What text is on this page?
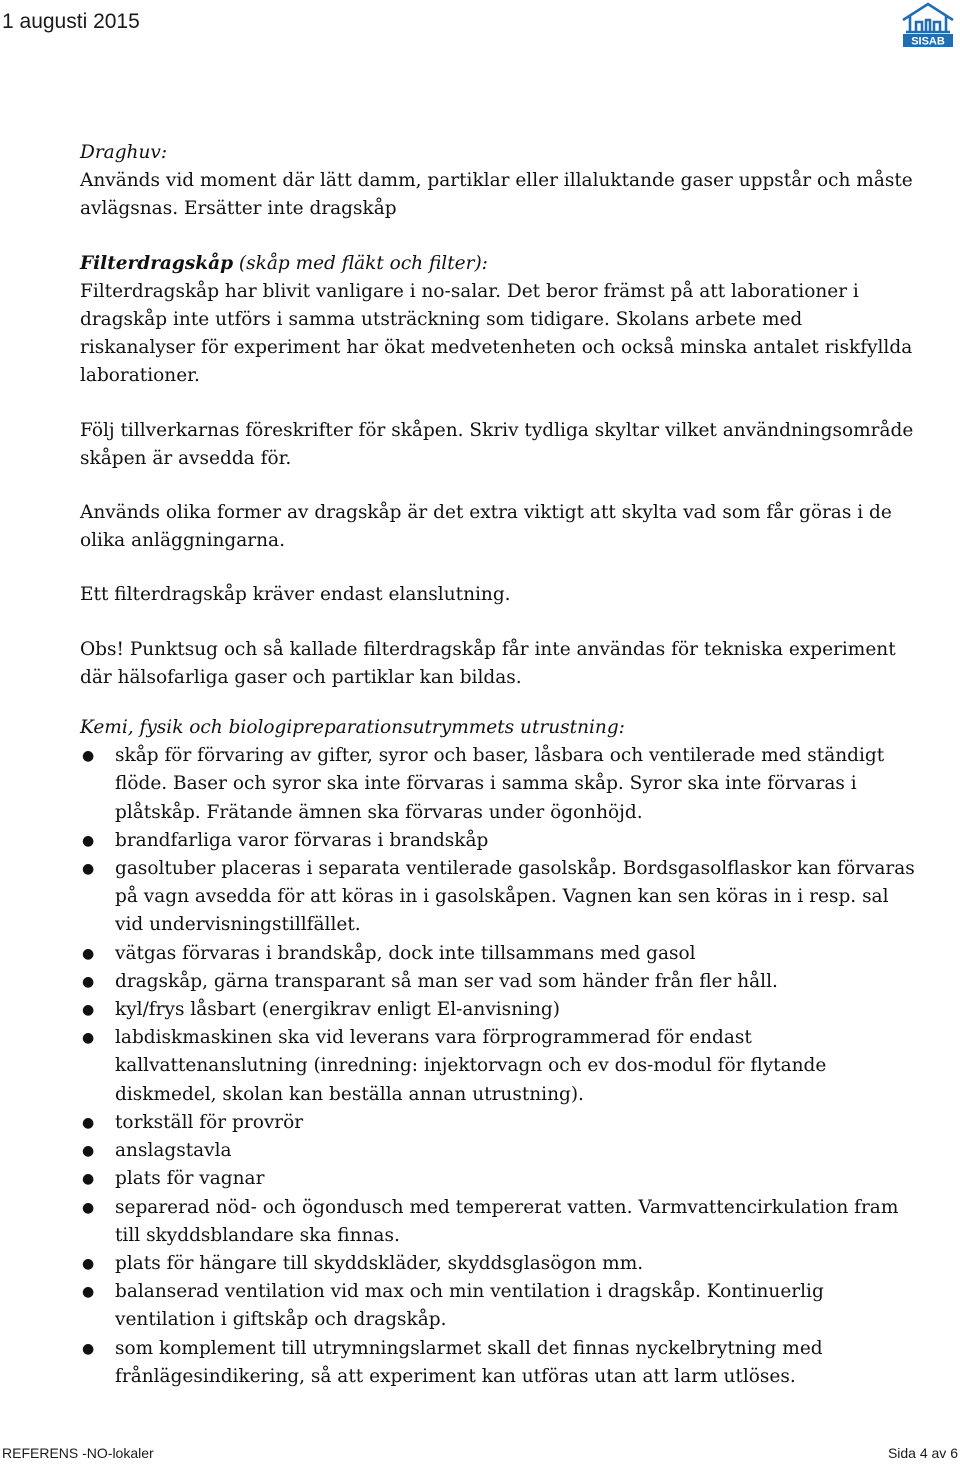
1 augusti 2015
SISAB

Draghuv:
Används vid moment där lätt damm, partiklar eller illaluktande gaser uppstår och måste avlägsnas. Ersätter inte dragskåp

Filterdragskåp (skåp med fläkt och filter):
Filterdragskåp har blivit vanligare i no-salar. Det beror främst på att laborationer i dragskåp inte utförs i samma utsträckning som tidigare. Skolans arbete med riskanalyser för experiment har ökat medvetenheten och också minska antalet riskfyllda laborationer.

Följ tillverkarnas föreskrifter för skåpen. Skriv tydliga skyltar vilket användningsområde skåpen är avsedda för.

Används olika former av dragskåp är det extra viktigt att skylta vad som får göras i de olika anläggningarna.

Ett filterdragskåp kräver endast elanslutning.

Obs! Punktsug och så kallade filterdragskåp får inte användas för tekniska experiment där hälsofarliga gaser och partiklar kan bildas.

Kemi, fysik och biologipreparationsutrymmets utrustning:

● skåp för förvaring av gifter, syror och baser, låsbara och ventilerade med ständigt flöde. Baser och syror ska inte förvaras i samma skåp. Syror ska inte förvaras i plåtskåp. Frätande ämnen ska förvaras under ögonhöjd.
● brandfarliga varor förvaras i brandskåp
● gasoltuber placeras i separata ventilerade gasolskåp. Bordsgasolflaskor kan förvaras på vagn avsedda för att köras in i gasolskåpen. Vagnen kan sen köras in i resp. sal vid undervisningstillfället.
● vätgas förvaras i brandskåp, dock inte tillsammans med gasol
● dragskåp, gärna transparant så man ser vad som händer från fler håll.
● kyl/frys låsbart (energikrav enligt El-anvisning)
● labdiskmaskinen ska vid leverans vara förprogrammerad för endast kallvattenanslutning (inredning: injektorvagn och ev dos-modul för flytande diskmedel, skolan kan beställa annan utrustning).
● torkställ för provrör
● anslagstavla
● plats för vagnar
● separerad nöd- och ögondusch med tempererat vatten. Varmvattencirkulation fram till skyddsblandare ska finnas.
● plats för hängare till skyddskläder, skyddsglasögon mm.
● balanserad ventilation vid max och min ventilation i dragskåp. Kontinuerlig ventilation i giftskåp och dragskåp.
● som komplement till utrymningslarmet skall det finnas nyckelbrytning med frånlägesindikering, så att experiment kan utföras utan att larm utlöses.
REFERENS -NO-lokaler	Sida 4 av 6
